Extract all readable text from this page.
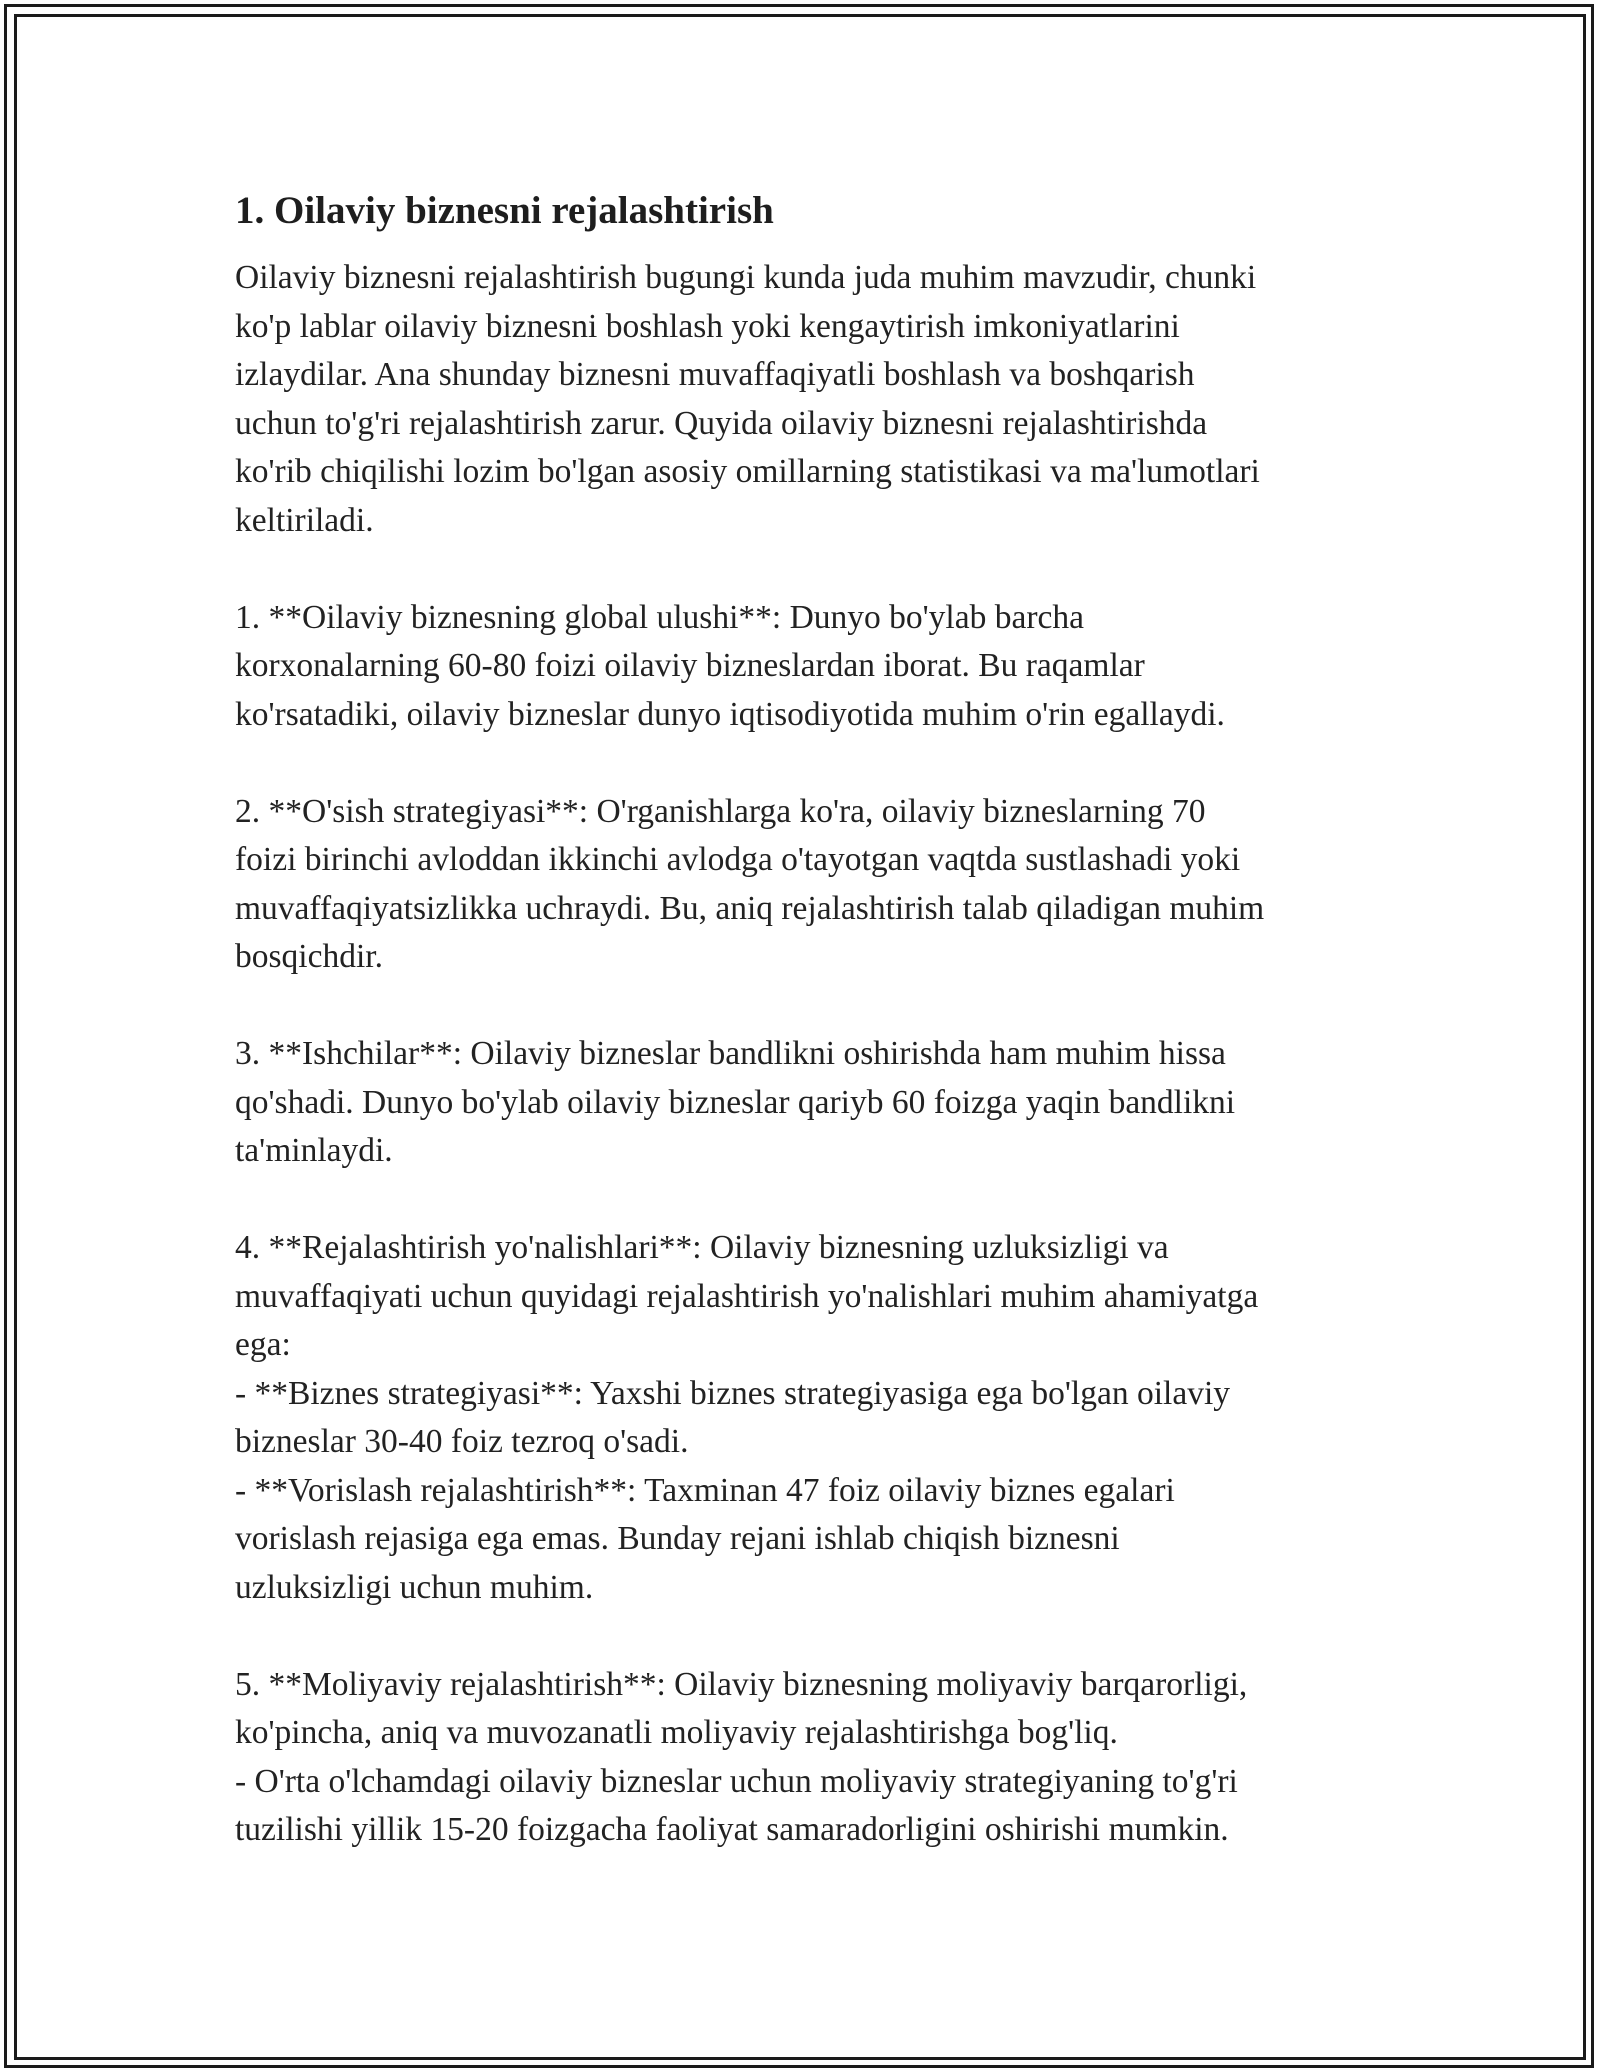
1. Oilaviy biznesni rejalashtirish

Oilaviy biznesni rejalashtirish bugungi kunda juda muhim mavzudir, chunki
ko'p lablar oilaviy biznesni boshlash yoki kengaytirish imkoniyatlarini
izlaydilar. Ana shunday biznesni muvaffaqiyatli boshlash va boshqarish
uchun to'g'ri rejalashtirish zarur. Quyida oilaviy biznesni rejalashtirishda
ko'rib chiqilishi lozim bo'lgan asosiy omillarning statistikasi va ma'lumotlari
keltiriladi.

1. **Oilaviy biznesning global ulushi**: Dunyo bo'ylab barcha
korxonalarning 60-80 foizi oilaviy bizneslardan iborat. Bu raqamlar
ko'rsatadiki, oilaviy bizneslar dunyo iqtisodiyotida muhim o'rin egallaydi.

2. **O'sish strategiyasi**: O'rganishlarga ko'ra, oilaviy bizneslarning 70
foizi birinchi avloddan ikkinchi avlodga o'tayotgan vaqtda sustlashadi yoki
muvaffaqiyatsizlikka uchraydi. Bu, aniq rejalashtirish talab qiladigan muhim
bosqichdir.

3. **Ishchilar**: Oilaviy bizneslar bandlikni oshirishda ham muhim hissa
qo'shadi. Dunyo bo'ylab oilaviy bizneslar qariyb 60 foizga yaqin bandlikni
ta'minlaydi.

4. **Rejalashtirish yo'nalishlari**: Oilaviy biznesning uzluksizligi va
muvaffaqiyati uchun quyidagi rejalashtirish yo'nalishlari muhim ahamiyatga
ega:
- **Biznes strategiyasi**: Yaxshi biznes strategiyasiga ega bo'lgan oilaviy
bizneslar 30-40 foiz tezroq o'sadi.
- **Vorislash rejalashtirish**: Taxminan 47 foiz oilaviy biznes egalari
vorislash rejasiga ega emas. Bunday rejani ishlab chiqish biznesni
uzluksizligi uchun muhim.

5. **Moliyaviy rejalashtirish**: Oilaviy biznesning moliyaviy barqarorligi,
ko'pincha, aniq va muvozanatli moliyaviy rejalashtirishga bog'liq.
- O'rta o'lchamdagi oilaviy bizneslar uchun moliyaviy strategiyaning to'g'ri
tuzilishi yillik 15-20 foizgacha faoliyat samaradorligini oshirishi mumkin.
